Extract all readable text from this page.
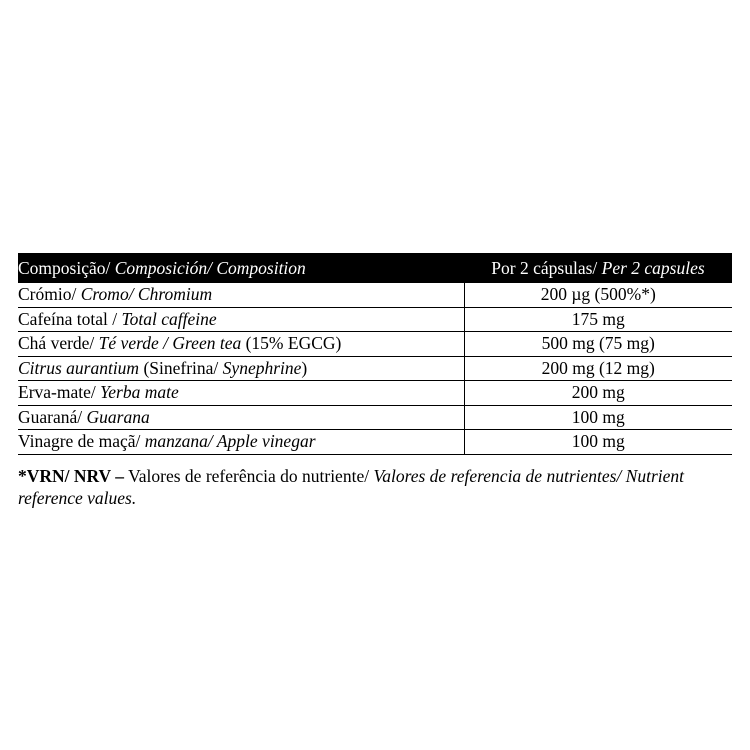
Composição/ Composición/ Composition	Por 2 cápsulas/ Per 2 capsules
Crómio/ Cromo/ Chromium	200 µg (500%*)
Cafeína total / Total caffeine	175 mg
Chá verde/ Té verde / Green tea (15% EGCG)	500 mg (75 mg)
Citrus aurantium (Sinefrina/ Synephrine)	200 mg (12 mg)
Erva-mate/ Yerba mate	200 mg
Guaraná/ Guarana	100 mg
Vinagre de maçã/ manzana/ Apple vinegar	100 mg
*VRN/ NRV – Valores de referência do nutriente/ Valores de referencia de nutrientes/ Nutrient reference values.
